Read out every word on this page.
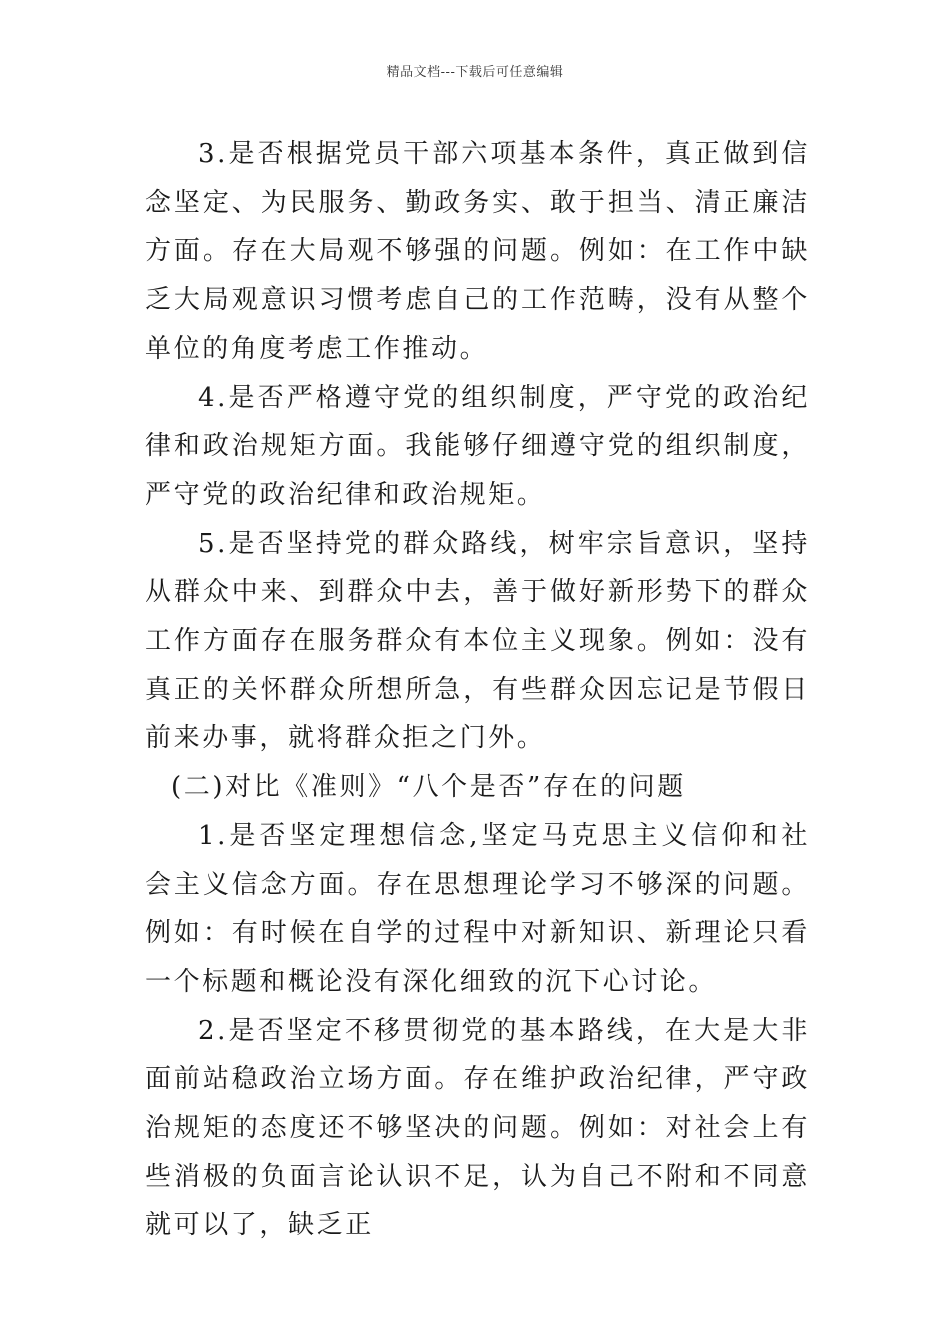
精品文档---下载后可任意编辑

3.是否根据党员干部六项基本条件，真正做到信念坚定、为民服务、勤政务实、敢于担当、清正廉洁方面。存在大局观不够强的问题。例如：在工作中缺乏大局观意识习惯考虑自己的工作范畴，没有从整个单位的角度考虑工作推动。

4.是否严格遵守党的组织制度，严守党的政治纪律和政治规矩方面。我能够仔细遵守党的组织制度，严守党的政治纪律和政治规矩。

5.是否坚持党的群众路线，树牢宗旨意识，坚持从群众中来、到群众中去，善于做好新形势下的群众工作方面存在服务群众有本位主义现象。例如：没有真正的关怀群众所想所急，有些群众因忘记是节假日前来办事，就将群众拒之门外。

(二)对比《准则》“八个是否”存在的问题

1.是否坚定理想信念,坚定马克思主义信仰和社会主义信念方面。存在思想理论学习不够深的问题。例如：有时候在自学的过程中对新知识、新理论只看一个标题和概论没有深化细致的沉下心讨论。

2.是否坚定不移贯彻党的基本路线，在大是大非面前站稳政治立场方面。存在维护政治纪律，严守政治规矩的态度还不够坚决的问题。例如：对社会上有些消极的负面言论认识不足，认为自己不附和不同意就可以了，缺乏正
